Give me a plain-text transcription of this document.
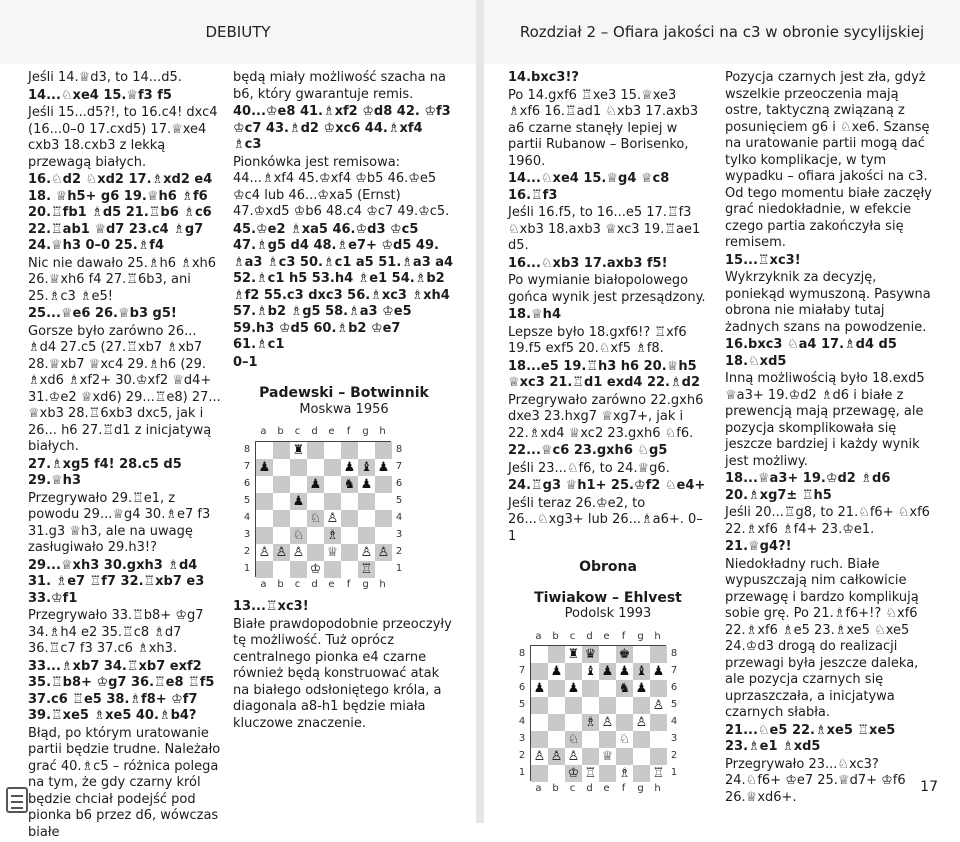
DEBIUTY	Rozdział 2 – Ofiara jakości na c3 w obronie sycylijskiej
Jeśli 14.♕d3, to 14...d5.
14...♘xe4 15.♕f3 f5
Jeśli 15...d5?!, to 16.c4! dxc4 (16...0–0 17.cxd5) 17.♕xe4 cxb3 18.cxb3 z lekką przewagą białych.
16.♘d2 ♘xd2 17.♗xd2 e4 18. ♕h5+ g6 19.♕h6 ♗f6 20.♖fb1 ♗d5 21.♖b6 ♗c6 22.♖ab1 ♕d7 23.c4 ♗g7 24.♕h3 0–0 25.♗f4
Nic nie dawało 25.♗h6 ♗xh6 26.♕xh6 f4 27.♖6b3, ani 25.♗c3 ♗e5!
25...♕e6 26.♕b3 g5!
Gorsze było zarówno 26... ♗d4 27.c5 (27.♖xb7 ♗xb7 28.♕xb7 ♕xc4 29.♗h6 (29. ♗xd6 ♗xf2+ 30.♔xf2 ♕d4+ 31.♔e2 ♕xd6) 29...♖e8) 27... ♕xb3 28.♖6xb3 dxc5, jak i 26... h6 27.♖d1 z inicjatywą białych.
27.♗xg5 f4! 28.c5 d5 29.♕h3
Przegrywało 29.♖e1, z powodu 29...♕g4 30.♗e7 f3 31.g3 ♕h3, ale na uwagę zasługiwało 29.h3!?
29...♕xh3 30.gxh3 ♗d4 31. ♗e7 ♖f7 32.♖xb7 e3 33.♔f1
Przegrywało 33.♖b8+ ♔g7 34.♗h4 e2 35.♖c8 ♗d7 36.♖c7 f3 37.c6 ♗xh3.
33...♗xb7 34.♖xb7 exf2 35.♖b8+ ♔g7 36.♖e8 ♖f5 37.c6 ♖e5 38.♗f8+ ♔f7 39.♖xe5 ♗xe5 40.♗b4?
Błąd, po którym uratowanie partii będzie trudne. Należało grać 40.♗c5 – różnica polega na tym, że gdy czarny król będzie chciał podejść pod pionka b6 przez d6, wówczas białe
będą miały możliwość szacha na b6, który gwarantuje remis.
40...♔e8 41.♗xf2 ♔d8 42. ♔f3 ♔c7 43.♗d2 ♔xc6 44.♗xf4 ♗c3
Pionkówka jest remisowa: 44...♗xf4 45.♔xf4 ♔b5 46.♔e5 ♔c4 lub 46...♔xa5 (Ernst) 47.♔xd5 ♔b6 48.c4 ♔c7 49.♔c5.
45.♔e2 ♗xa5 46.♔d3 ♔c5 47.♗g5 d4 48.♗e7+ ♔d5 49. ♗a3 ♗c3 50.♗c1 a5 51.♗a3 a4 52.♗c1 h5 53.h4 ♗e1 54.♗b2 ♗f2 55.c3 dxc3 56.♗xc3 ♗xh4 57.♗b2 ♗g5 58.♗a3 ♔e5 59.h3 ♔d5 60.♗b2 ♔e7 61.♗c1
0–1
Padewski – Botwinnik
Moskwa 1956
a	b	c	d	e	f	g	h
8
7
6
5
4
3
2
1
♜
♟	♟ ♝ ♟
♟ ♞ ♟
♟
♘ ♙
♘ ♗
♙ ♙ ♙ ♕ ♙ ♙
♔	♖
8
7
6
5
4
3
2
1
a	b	c	d	e	f	g	h
13...♖xc3!
Białe prawdopodobnie przeoczyły tę możliwość. Tuż oprócz centralnego pionka e4 czarne również będą konstruować atak na białego odsłoniętego króla, a diagonala a8-h1 będzie miała kluczowe znaczenie.
14.bxc3!?
Po 14.gxf6 ♖xe3 15.♕xe3 ♗xf6 16.♖ad1 ♘xb3 17.axb3 a6 czarne stanęły lepiej w partii Rubanow – Borisenko, 1960.
14...♘xe4 15.♕g4 ♕c8 16.♖f3
Jeśli 16.f5, to 16...e5 17.♖f3 ♘xb3 18.axb3 ♕xc3 19.♖ae1 d5.
16...♘xb3 17.axb3 f5!
Po wymianie białopolowego gońca wynik jest przesądzony.
18.♕h4
Lepsze było 18.gxf6!? ♖xf6 19.f5 exf5 20.♘xf5 ♗f8.
18...e5 19.♖h3 h6 20.♕h5 ♕xc3 21.♖d1 exd4 22.♗d2
Przegrywało zarówno 22.gxh6 dxe3 23.hxg7 ♕xg7+, jak i 22.♗xd4 ♕xc2 23.gxh6 ♘f6.
22...♕c6 23.gxh6 ♘g5
Jeśli 23...♘f6, to 24.♕g6.
24.♖g3 ♕h1+ 25.♔f2 ♘e4+
Jeśli teraz 26.♔e2, to 26...♘xg3+ lub 26...♗a6+. 0–1
Obrona
Tiwiakow – Ehlvest
Podolsk 1993
a	b	c	d	e	f	g	h
8
7
6
5
4
3
2
1
♜ ♛ ♚
♟ ♝ ♟ ♟ ♝ ♟
♟ ♟	♞ ♟
♙
♗ ♙ ♙
♘	♘
♙ ♙ ♙ ♕
♔ ♖ ♗ ♖
8
7
6
5
4
3
2
1
a	b	c	d	e	f	g	h
Pozycja czarnych jest zła, gdyż wszelkie przeoczenia mają ostre, taktyczną związaną z posunięciem g6 i ♘xe6. Szansę na uratowanie partii mogą dać tylko komplikacje, w tym wypadku – ofiara jakości na c3. Od tego momentu białe zaczęły grać niedokładnie, w efekcie czego partia zakończyła się remisem.
15...♖xc3!
Wykrzyknik za decyzję, poniekąd wymuszoną. Pasywna obrona nie miałaby tutaj żadnych szans na powodzenie.
16.bxc3 ♘a4 17.♗d4 d5 18.♘xd5
Inną możliwością było 18.exd5 ♕a3+ 19.♔d2 ♗d6 i białe z prewencją mają przewagę, ale pozycja skomplikowała się jeszcze bardziej i każdy wynik jest możliwy.
18...♕a3+ 19.♔d2 ♗d6 20.♗xg7± ♖h5
Jeśli 20...♖g8, to 21.♘f6+ ♘xf6 22.♗xf6 ♗f4+ 23.♔e1.
21.♕g4?!
Niedokładny ruch. Białe wypuszczają nim całkowicie przewagę i bardzo komplikują sobie grę. Po 21.♗f6+!? ♘xf6 22.♗xf6 ♗e5 23.♗xe5 ♘xe5 24.♔d3 drogą do realizacji przewagi była jeszcze daleka, ale pozycja czarnych się uprzaszczała, a inicjatywa czarnych słabła.
21...♘e5 22.♗xe5 ♖xe5 23.♗e1 ♗xd5
Przegrywało 23...♘xc3? 24.♘f6+ ♔e7 25.♕d7+ ♔f6 26.♕xd6+.
17
